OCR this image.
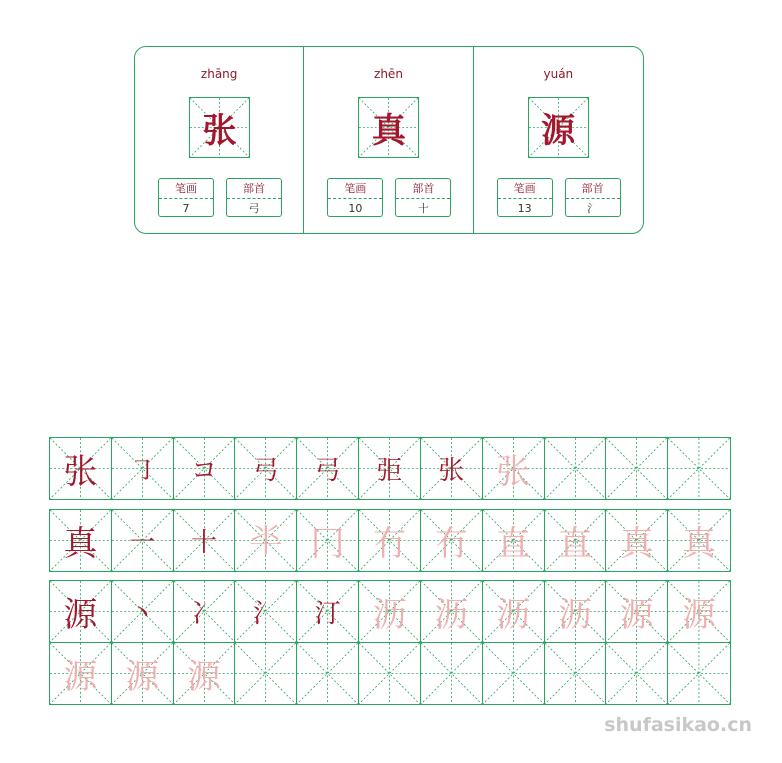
zhāng
张
笔画
7
部首
弓
zhēn
真
笔画
10
部首
十
yuán
源
笔画
13
部首
氵
张	㇆	コ	弓	弓	弡	张 张
真	一	十 𠦂 冂 冇 冇 直 直 真 真
源	丶	冫	氵	汀 沥 沥 沥 沥 源 源
源 源 源
shufasikao.cn
